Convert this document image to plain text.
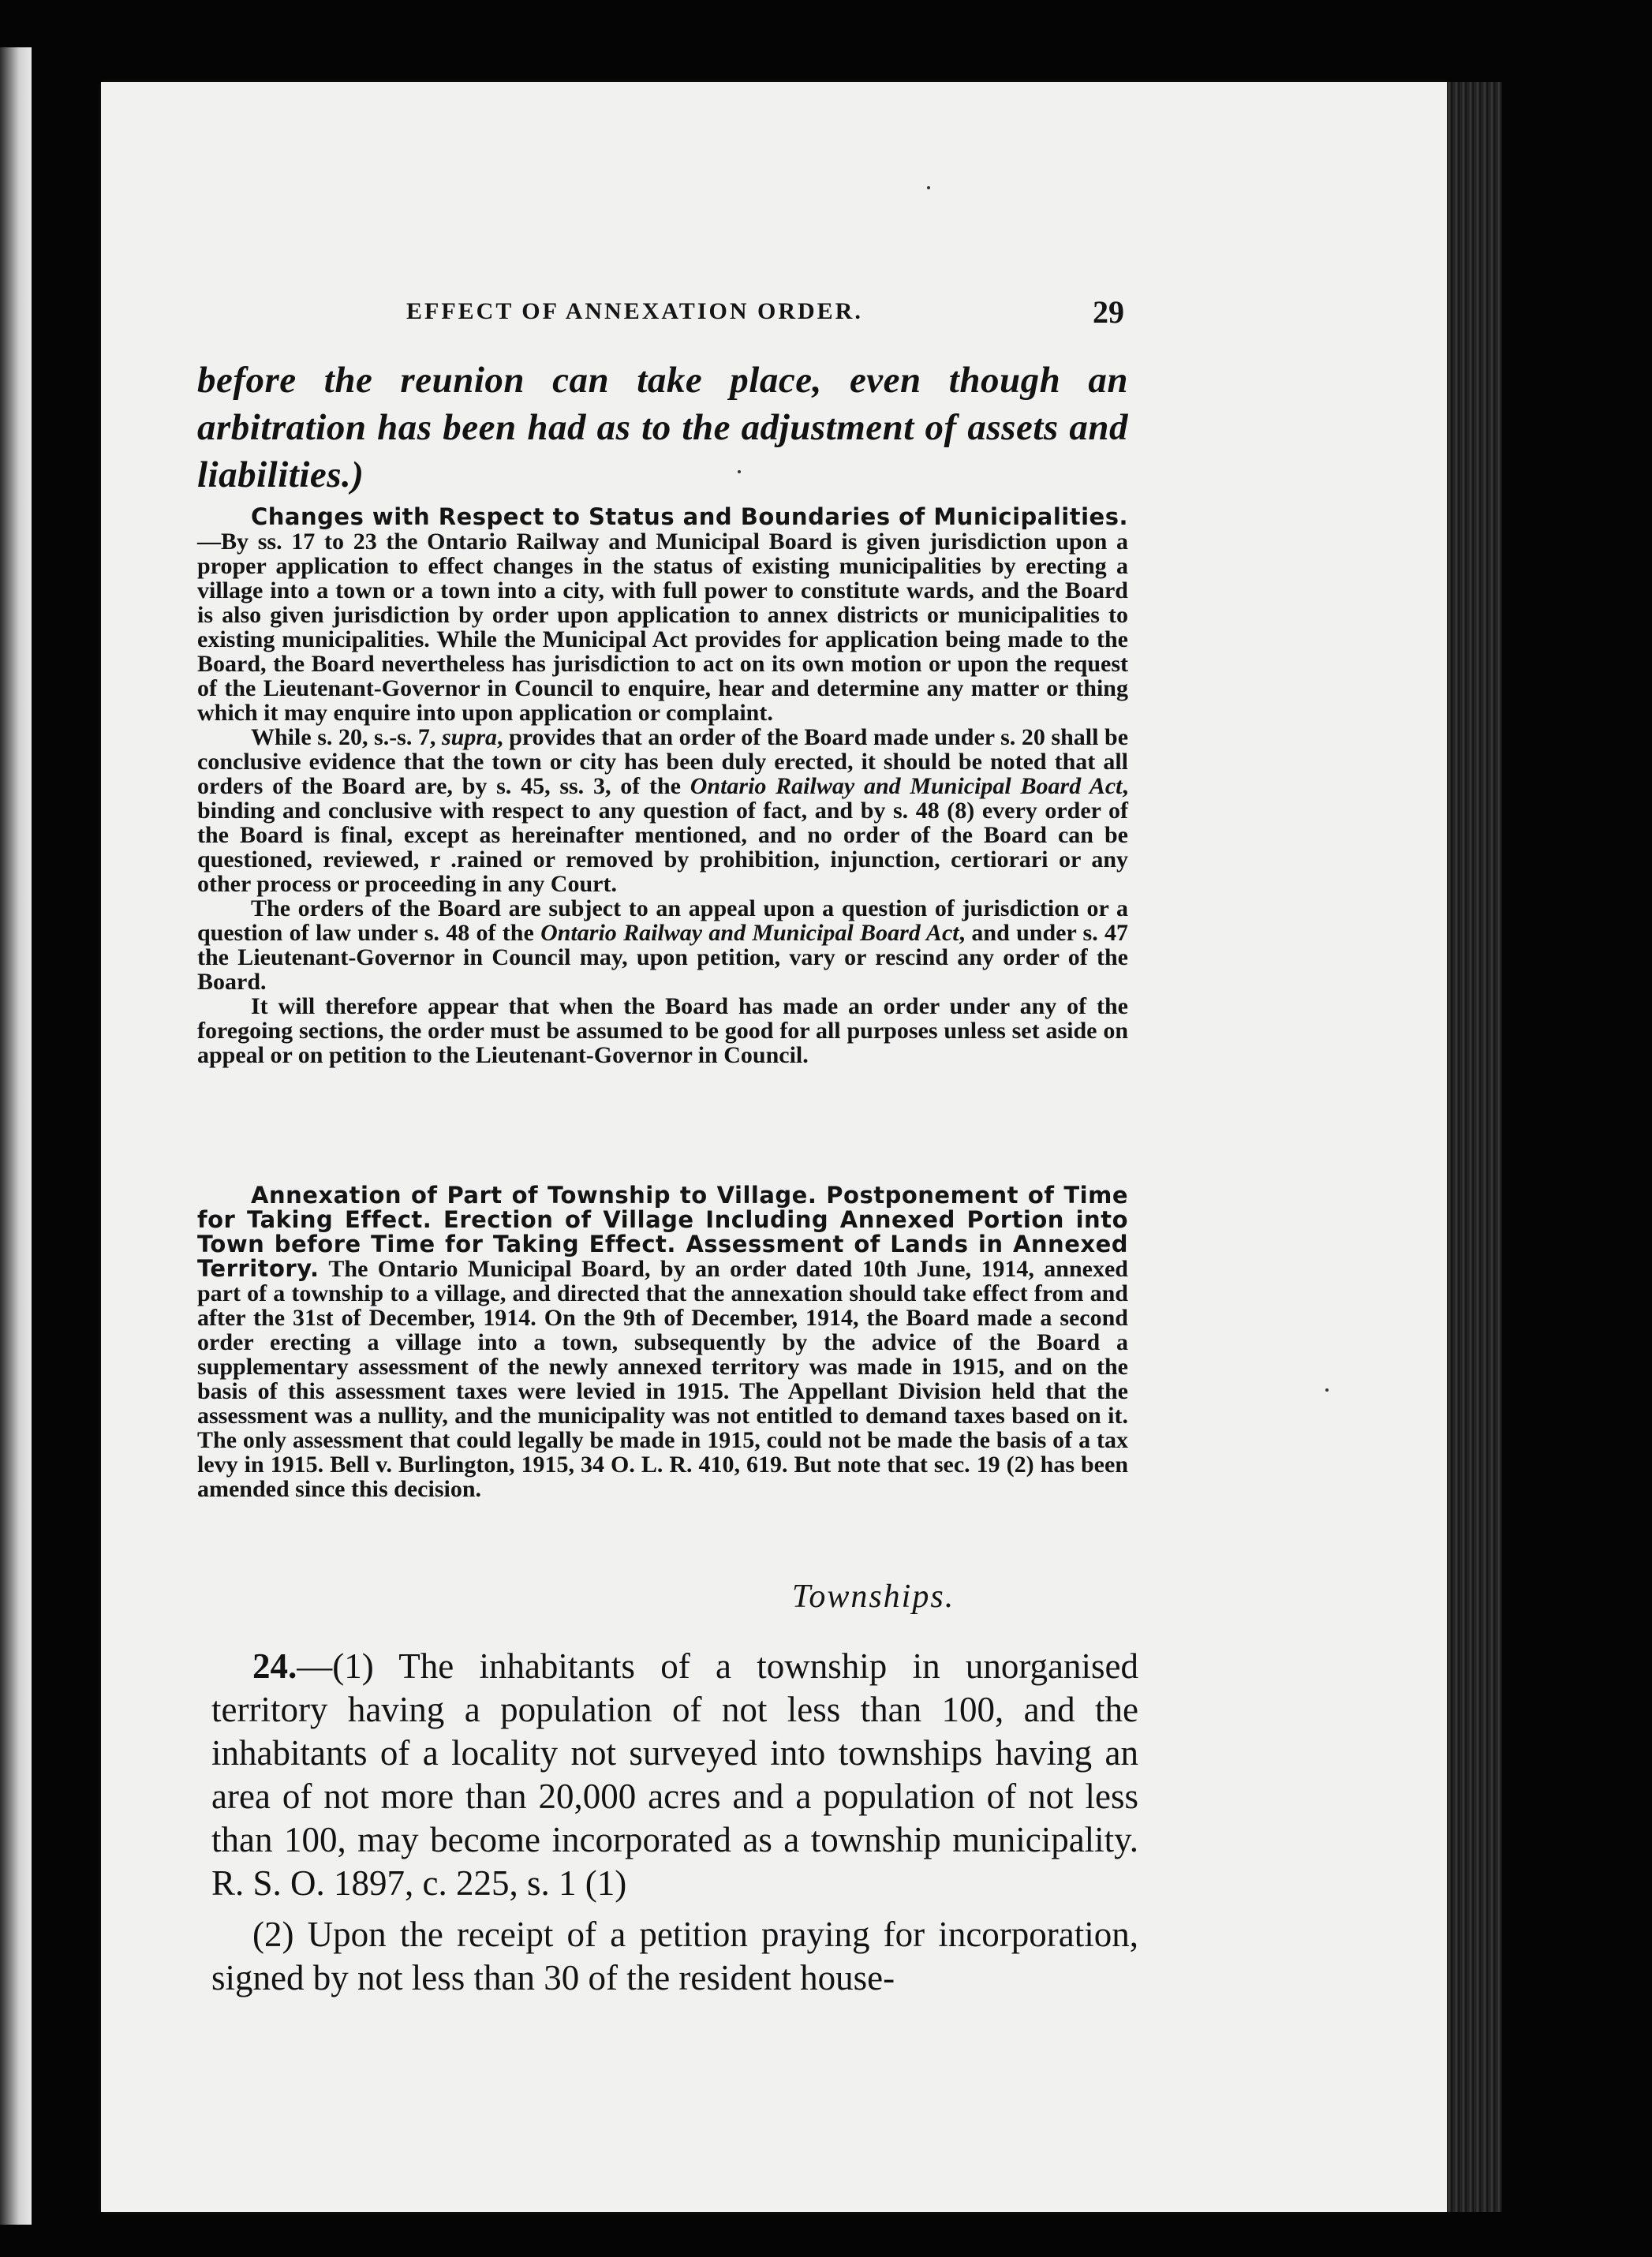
EFFECT OF ANNEXATION ORDER.	29
before the reunion can take place, even though an arbitration has been had as to the adjustment of assets and liabilities.)

Changes with Respect to Status and Boundaries of Municipalities.—By ss. 17 to 23 the Ontario Railway and Municipal Board is given jurisdiction upon a proper application to effect changes in the status of existing municipalities by erecting a village into a town or a town into a city, with full power to constitute wards, and the Board is also given jurisdiction by order upon application to annex districts or municipalities to existing municipalities. While the Municipal Act provides for application being made to the Board, the Board nevertheless has jurisdiction to act on its own motion or upon the request of the Lieutenant-Governor in Council to enquire, hear and determine any matter or thing which it may enquire into upon application or complaint.

While s. 20, s.-s. 7, supra, provides that an order of the Board made under s. 20 shall be conclusive evidence that the town or city has been duly erected, it should be noted that all orders of the Board are, by s. 45, ss. 3, of the Ontario Railway and Municipal Board Act, binding and conclusive with respect to any question of fact, and by s. 48 (8) every order of the Board is final, except as hereinafter mentioned, and no order of the Board can be questioned, reviewed, r .rained or removed by prohibition, injunction, certiorari or any other process or proceeding in any Court.

The orders of the Board are subject to an appeal upon a question of jurisdiction or a question of law under s. 48 of the Ontario Railway and Municipal Board Act, and under s. 47 the Lieutenant-Governor in Council may, upon petition, vary or rescind any order of the Board.

It will therefore appear that when the Board has made an order under any of the foregoing sections, the order must be assumed to be good for all purposes unless set aside on appeal or on petition to the Lieutenant-Governor in Council.

Annexation of Part of Township to Village. Postponement of Time for Taking Effect. Erection of Village Including Annexed Portion into Town before Time for Taking Effect. Assessment of Lands in Annexed Territory. The Ontario Municipal Board, by an order dated 10th June, 1914, annexed part of a township to a village, and directed that the annexation should take effect from and after the 31st of December, 1914. On the 9th of December, 1914, the Board made a second order erecting a village into a town, subsequently by the advice of the Board a supplementary assessment of the newly annexed territory was made in 1915, and on the basis of this assessment taxes were levied in 1915. The Appellant Division held that the assessment was a nullity, and the municipality was not entitled to demand taxes based on it. The only assessment that could legally be made in 1915, could not be made the basis of a tax levy in 1915. Bell v. Burlington, 1915, 34 O. L. R. 410, 619. But note that sec. 19 (2) has been amended since this decision.

Townships.

24.—(1) The inhabitants of a township in unorganised territory having a population of not less than 100, and the inhabitants of a locality not surveyed into townships having an area of not more than 20,000 acres and a population of not less than 100, may become incorporated as a township municipality. R. S. O. 1897, c. 225, s. 1 (1)

(2) Upon the receipt of a petition praying for incorporation, signed by not less than 30 of the resident house-
